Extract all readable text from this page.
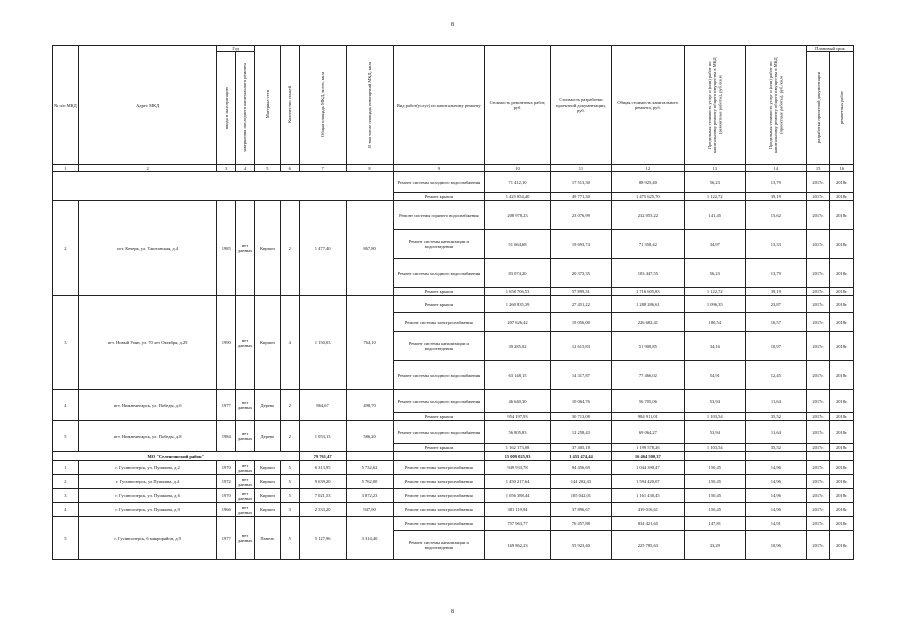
8
№ п/п МКД	Адрес МКД	Год		Материал стен	Количество этажей	Общая площадь МКД, всего, кв.м	В том числе площадь помещений МКД, кв.м	Вид работ(услуг) по капитальному ремонту	Стоимость ремонтных работ, руб.	Стоимость разработки проектной документации, руб.	Общая стоимость капитального ремонта, руб.	Предельная стоимость услуг и (или) работ по капитальному ремонту общего имущества в МКД (ремонтные работы), руб./кв.м	Предельная стоимость услуг и (или) работ по капитальному ремонту общего имущества в МКД (проектные работы), руб./кв.м	Плановый срок	
		ввода в эксплуатацию	завершения последнего капитального ремонта											разработки проектной документации	ремонтных работ
1	2	3	4	5	6	7	8	9	10	11	12	13	14	15	16
								Ремонт системы холодного водоснабжения	71 412,10	17 513,30	88 925,40	56,23	13,79	2017г.	2018г.
								Ремонт крыши	1 425 854,40	49 771,30	1 475 625,70	1 122,72	39,19	2017г.	2018г.
2	пгт. Кечерк, ул. Таштанская, д.4	1985	нет данных	Кирпич	2	1 477,40	867,80	Ремонт системы горячего водоснабжения	208 978,23	23 076,99	232 055,22	141,45	15,62	2017г.	2018г.
								Ремонт системы канализации и водоотведения	51 664,68	19 693,74	71 358,42	34,97	13,33	2017г.	2018г.
								Ремонт системы холодного водоснабжения	83 074,20	20 373,35	103 447,55	56,23	13,79	2017г.	2018г.
								Ремонт крыши	1 658 706,53	57 899,31	1 716 605,83	1 122,72	39,19	2017г.	2018г.
3	пгт. Новый Уоян, ул. 70 лет Октября, д.29	1990	нет данных	Кирпич	4	1 150,03	764,10	Ремонт крыши	1 260 835,39	27 451,22	1 288 286,61	1 096,35	23,87	2017г.	2018г.
								Ремонт системы электроснабжения	207 626,42	19 056,00	226 682,41	180,54	16,57	2017г.	2018г.
								Ремонт системы канализации и водоотведения	39 285,02	12 615,83	51 900,85	34,16	10,97	2017г.	2018г.
								Ремонт системы холодного водоснабжения	63 148,15	14 317,87	77 466,02	54,91	12,45	2017г.	2018г.
4	пгт. Нижнеангарск, ул. Победы, д.6	1977	нет данных	Дерево	2	864,67	498,70	Ремонт системы холодного водоснабжения	46 640,30	10 064,76	56 705,06	53,94	11,64	2017г.	2018г.
								Ремонт крыши	954 197,93	30 713,08	984 911,01	1 103,54	35,52	2017г.	2018г.
5	пгт. Нижнеангарск, ул. Победы, д.8	1984	нет данных	Дерево	2	1 053,13	586,20	Ремонт системы холодного водоснабжения	56 805,83	12 258,43	69 064,27	53,94	11,64	2017г.	2018г.
								Ремонт крыши	1 162 173,08	37 405,18	1 199 578,26	1 103,54	35,52	2017г.	2018г.
МО "Селенгинский район"						79 761,47			15 009 025,93	1 455 474,44	16 464 500,37				
1	г. Гусиноозерск, ул. Пушкина, д.2	1970	нет данных	Кирпич	5	6 313,95	5 732,62	Ремонт системы электроснабжения	949 933,78	94 456,69	1 044 390,47	150,45	14,96	2017г.	2018г.
2	г. Гусиноозерск, ул.Пушкина, д.4	1972	нет данных	Кирпич	5	9 639,20	5 762,00	Ремонт системы электроснабжения	1 450 217,64	144 202,43	1 594 420,07	150,45	14,96	2017г.	2018г.
3	г. Гусиноозерск, ул. Пушкина, д.6	1970	нет данных	Кирпич	5	7 021,53	3 872,23	Ремонт системы электроснабжения	1 056 388,44	105 042,01	1 161 430,45	150,45	14,96	2017г.	2018г.
4	г. Гусиноозерск, ул. Пушкина, д.9	1966	нет данных	Кирпич	3	2 533,20	947,00	Ремонт системы электроснабжения	381 119,94	37 896,67	419 016,61	150,45	14,96	2017г.	2018г.
5	г. Гусиноозерск, 6 микрорайон, д.9	1977	нет данных	Панель	5	5 127,96	3 314,40	Ремонт системы электроснабжения	757 963,77	76 457,88	834 421,65	147,81	14,91	2017г.	2018г.
								Ремонт системы канализации и водоотведения	169 862,23	55 923,40	225 785,63	33,29	10,96	2017г.	2018г.
8
